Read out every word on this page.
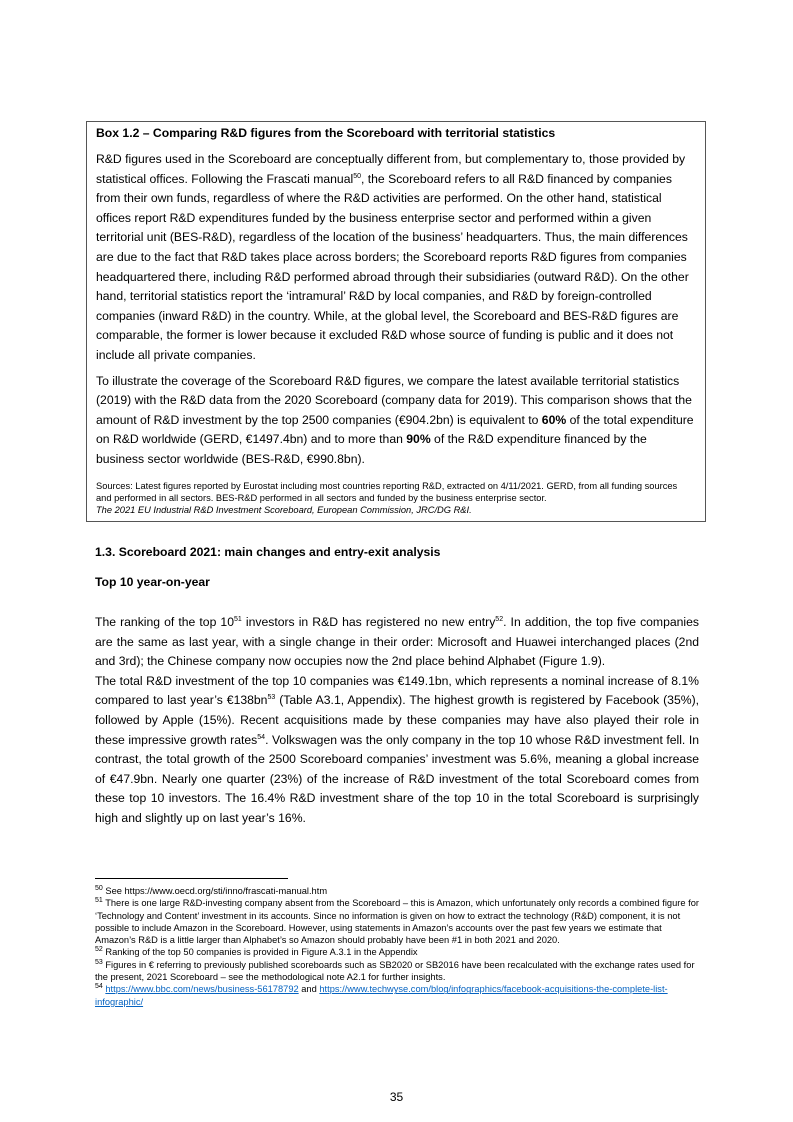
Box 1.2 – Comparing R&D figures from the Scoreboard with territorial statistics

R&D figures used in the Scoreboard are conceptually different from, but complementary to, those provided by statistical offices. Following the Frascati manual$^{50}$, the Scoreboard refers to all R&D financed by companies from their own funds, regardless of where the R&D activities are performed. On the other hand, statistical offices report R&D expenditures funded by the business enterprise sector and performed within a given territorial unit (BES-R&D), regardless of the location of the business’ headquarters. Thus, the main differences are due to the fact that R&D takes place across borders; the Scoreboard reports R&D figures from companies headquartered there, including R&D performed abroad through their subsidiaries (outward R&D). On the other hand, territorial statistics report the ‘intramural’ R&D by local companies, and R&D by foreign-controlled companies (inward R&D) in the country. While, at the global level, the Scoreboard and BES-R&D figures are comparable, the former is lower because it excluded R&D whose source of funding is public and it does not include all private companies.

To illustrate the coverage of the Scoreboard R&D figures, we compare the latest available territorial statistics (2019) with the R&D data from the 2020 Scoreboard (company data for 2019). This comparison shows that the amount of R&D investment by the top 2500 companies (€904.2bn) is equivalent to 60% of the total expenditure on R&D worldwide (GERD, €1497.4bn) and to more than 90% of the R&D expenditure financed by the business sector worldwide (BES-R&D, €990.8bn).

Sources: Latest figures reported by Eurostat including most countries reporting R&D, extracted on 4/11/2021. GERD, from all funding sources and performed in all sectors. BES-R&D performed in all sectors and funded by the business enterprise sector.
The 2021 EU Industrial R&D Investment Scoreboard, European Commission, JRC/DG R&I.
1.3. Scoreboard 2021: main changes and entry-exit analysis
Top 10 year-on-year

The ranking of the top $10^{51}$ investors in R&D has registered no new entry$^{52}$. In addition, the top five companies are the same as last year, with a single change in their order: Microsoft and Huawei interchanged places (2nd and 3rd); the Chinese company now occupies now the 2nd place behind Alphabet (Figure 1.9).

The total R&D investment of the top 10 companies was €149.1bn, which represents a nominal increase of 8.1% compared to last year’s $€138bn^{53}$ (Table A3.1, Appendix). The highest growth is registered by Facebook (35%), followed by Apple (15%). Recent acquisitions made by these companies may have also played their role in these impressive growth rates$^{54}$. Volkswagen was the only company in the top 10 whose R&D investment fell. In contrast, the total growth of the 2500 Scoreboard companies’ investment was 5.6%, meaning a global increase of €47.9bn. Nearly one quarter (23%) of the increase of R&D investment of the total Scoreboard comes from these top 10 investors. The 16.4% R&D investment share of the top 10 in the total Scoreboard is surprisingly high and slightly up on last year’s 16%.

$^{50}$ See https://www.oecd.org/sti/inno/frascati-manual.htm

$^{51}$ There is one large R&D-investing company absent from the Scoreboard – this is Amazon, which unfortunately only records a combined figure for ‘Technology and Content’ investment in its accounts. Since no information is given on how to extract the technology (R&D) component, it is not possible to include Amazon in the Scoreboard. However, using statements in Amazon’s accounts over the past few years we estimate that Amazon’s R&D is a little larger than Alphabet’s so Amazon should probably have been #1 in both 2021 and 2020.

$^{52}$ Ranking of the top 50 companies is provided in Figure A.3.1 in the Appendix

$^{53}$ Figures in € referring to previously published scoreboards such as SB2020 or SB2016 have been recalculated with the exchange rates used for the present, 2021 Scoreboard – see the methodological note A2.1 for further insights.

$^{54}$ https://www.bbc.com/news/business-56178792 and https://www.techwyse.com/blog/infographics/facebook-acquisitions-the-complete-list-infographic/

35
